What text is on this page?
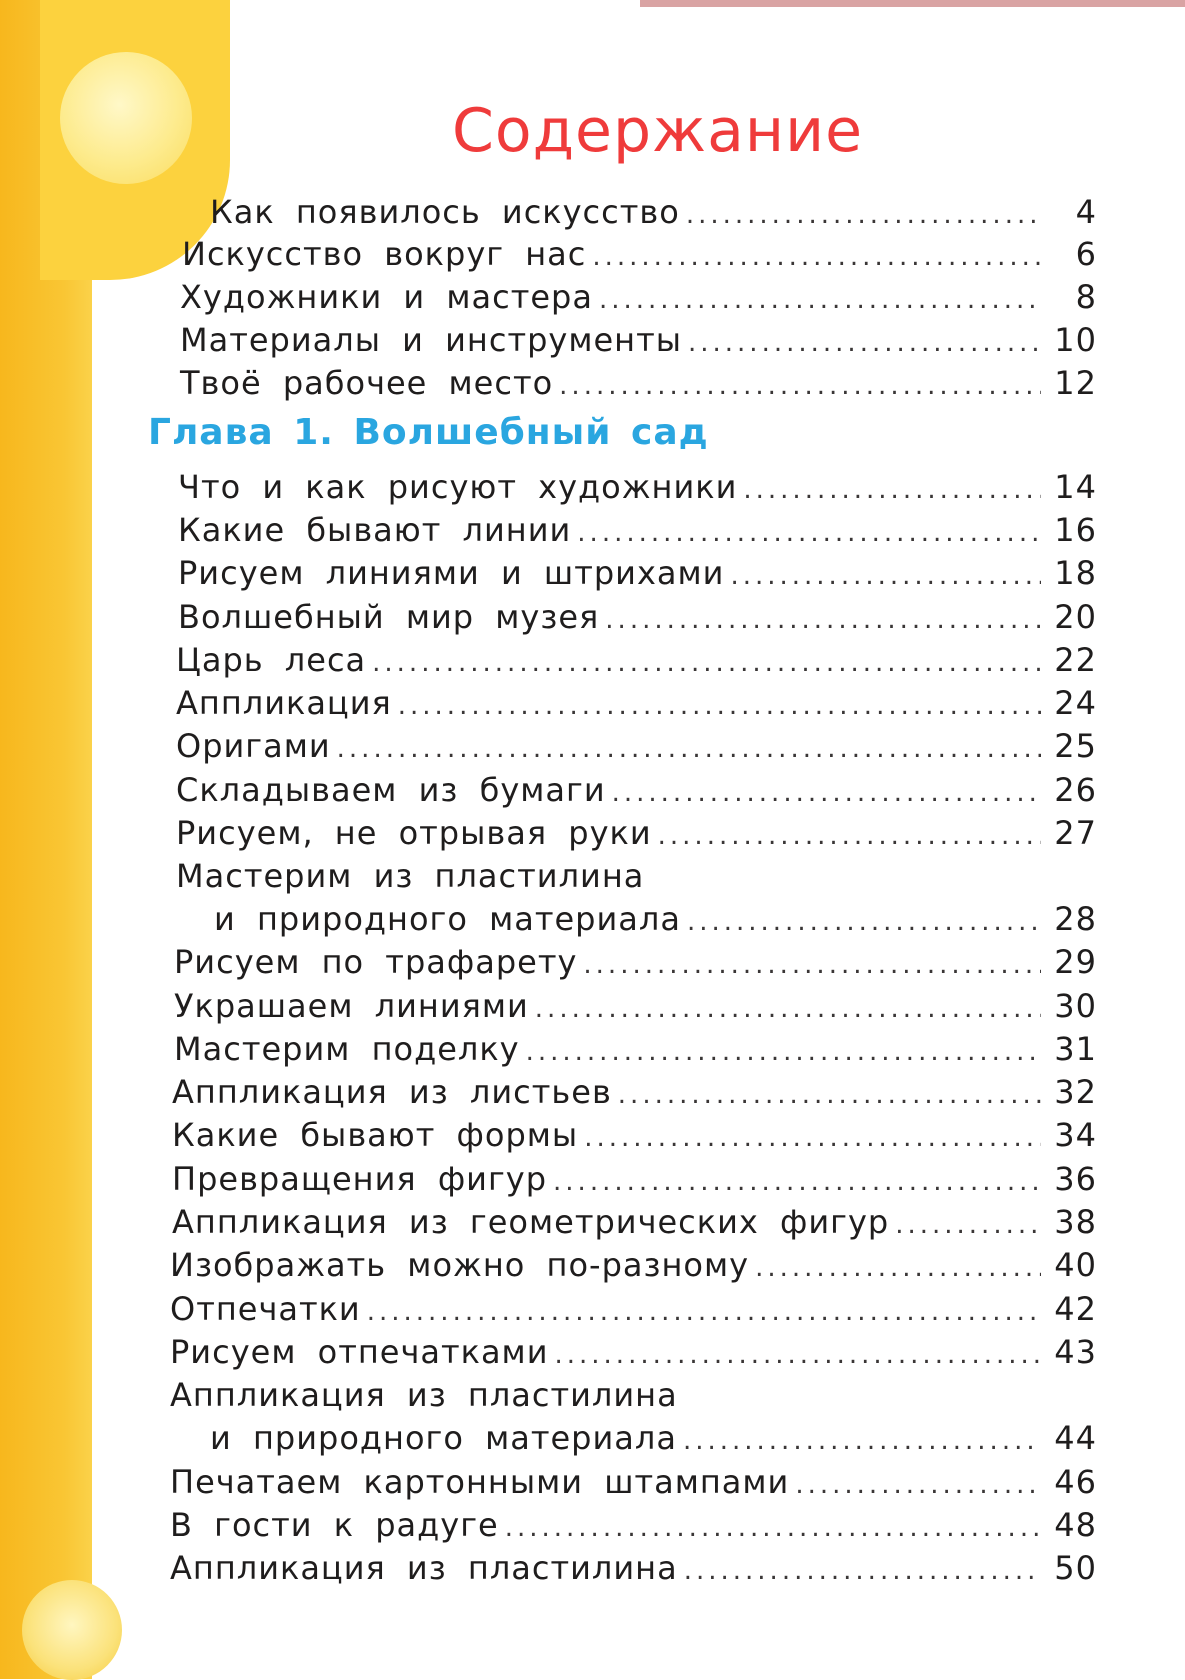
Содержание
Как появилось искусство .....	4
Искусство вокруг нас .....	6
Художники и мастера .....	8
Материалы и инструменты .....	10
Твоё рабочее место .....	12
Глава 1. Волшебный сад
Что и как рисуют художники .....	14
Какие бывают линии .....	16
Рисуем линиями и штрихами .....	18
Волшебный мир музея .....	20
Царь леса .....	22
Аппликация .....	24
Оригами .....	25
Складываем из бумаги .....	26
Рисуем, не отрывая руки .....	27
Мастерим из пластилина
и природного материала .....	28
Рисуем по трафарету .....	29
Украшаем линиями .....	30
Мастерим поделку .....	31
Аппликация из листьев .....	32
Какие бывают формы .....	34
Превращения фигур .....	36
Аппликация из геометрических фигур .....	38
Изображать можно по-разному .....	40
Отпечатки .....	42
Рисуем отпечатками .....	43
Аппликация из пластилина
и природного материала .....	44
Печатаем картонными штампами .....	46
В гости к радуге .....	48
Аппликация из пластилина .....	50
